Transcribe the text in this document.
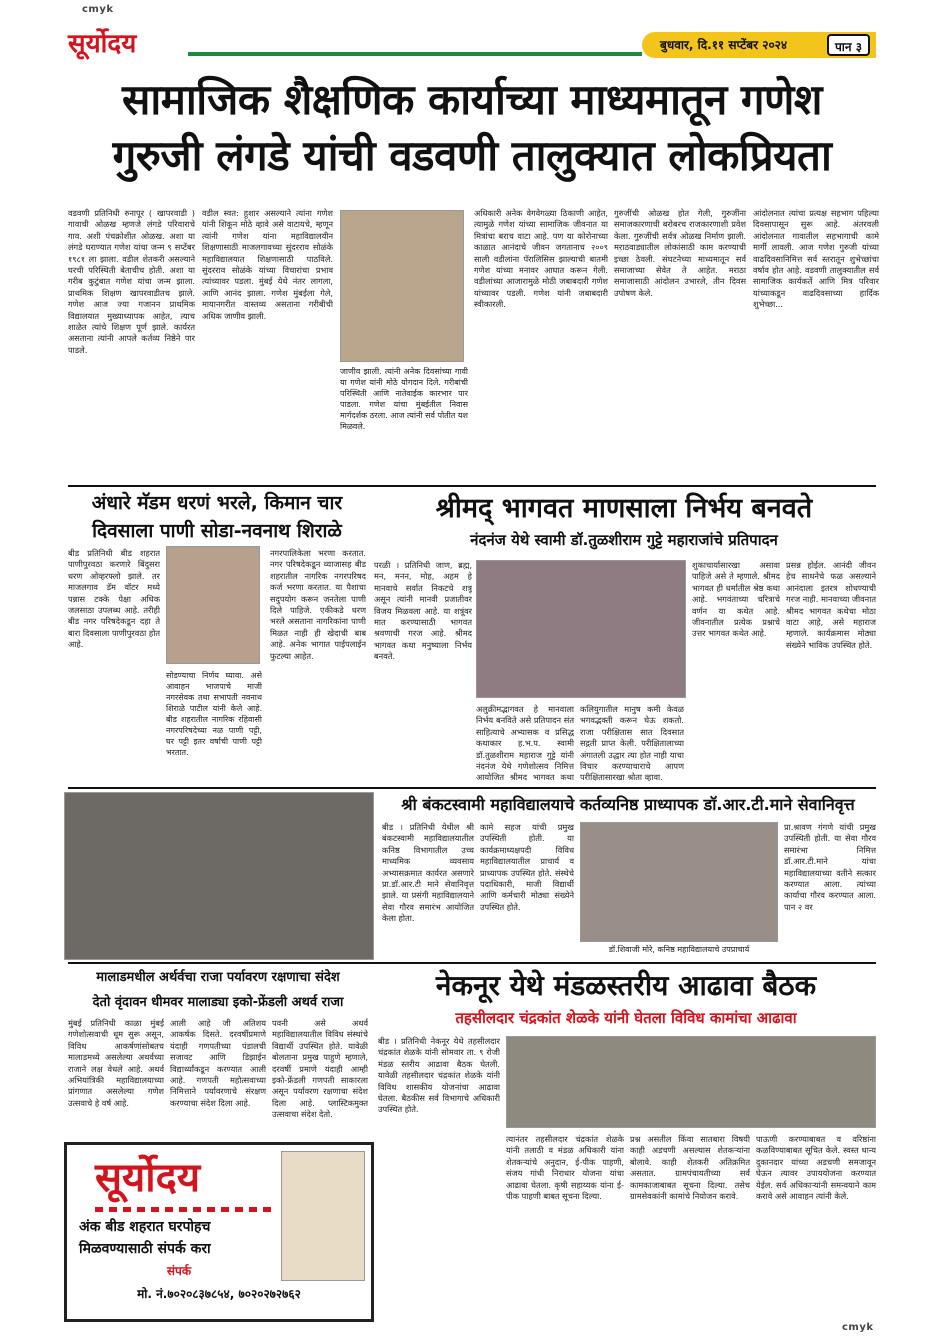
cmyk
cmyk
सूर्योदय	बुधवार, दि.११ सप्टेंबर २०२४	पान ३
सामाजिक शैक्षणिक कार्याच्या माध्यमातून गणेश
गुरुजी लंगडे यांची वडवणी तालुक्यात लोकप्रियता

वडवणी प्रतिनिधी रुनापूर ( खापरवाडी ) गावाची ओळख म्हणजे लंगडे परिवाराचे गाव. अशी पंचक्रोशीत ओळख. अशा या लंगडे घराण्यात गणेश यांचा जन्म ९ सप्टेंबर १९८१ ला झाला. वडील शेतकरी असल्याने घरची परिस्थिती बेताचीच होती. अशा या गरीब कुटुंबात गणेश यांचा जन्म झाला. प्राथमिक शिक्षण खापरवाडीतच झाले. गणेश आज ज्या गजानन प्राथमिक विद्यालयात मुख्याध्यापक आहेत, त्याच शाळेत त्यांचे शिक्षण पूर्ण झाले. कार्यरत असताना त्यांनी आपले कर्तव्य निष्ठेने पार पाडले.

वडील स्वत: हुशार असल्याने त्यांना गणेश यांनी शिकून मोठे व्हावे असे वाटायचे, म्हणून त्यांनी गणेश यांना महाविद्यालयीन शिक्षणासाठी माजलगावच्या सुंदरराव सोळंके महाविद्यालयात शिक्षणासाठी पाठविले. सुंदरराव सोळंके यांच्या विचारांचा प्रभाव त्यांच्यावर पडला. मुंबई येथे नंतर लागला, आणि आनंद झाला. गणेश मुंबईला गेले, मायानगरीत वास्तव्य असताना गरीबीची अधिक जाणीव झाली.

जाणीव झाली. त्यांनी अनेक दिवसांच्या गावी या गणेश यांनी मोठे योगदान दिले. गरीबांची परिस्थिती आणि नातेवाईक कारभार पार पाडला. गणेश यांचा मुंबईतील निवास मार्गदर्शक ठरला. आज त्यांनी सर्व पोतीत यश मिळवले.

अधिकारी अनेक वेगवेगळ्या ठिकाणी आहेत, त्यामुळे गणेश यांच्या सामाजिक जीवनात या मित्रांचा बराच वाटा आहे. पण या कोरोनाच्या काळात आनंदाचे जीवन जगतानाच २००९ साली वडीलांना पॅरालिसिस झाल्याची बातमी गणेश यांच्या मनावर आघात करून गेली. वडीलांच्या आजारामुळे मोठी जबाबदारी गणेश यांच्यावर पडली. गणेश यांनी जबाबदारी स्वीकारली.

गुरुजींची ओळख होत गेली, गुरुजींना समाजकारणाची बरोबरच राजकारणाशी प्रवेश केला. गुरुजींची सर्वत्र ओळख निर्माण झाली. मराठवाड्यातील लोकांसाठी काम करण्याची इच्छा ठेवली. संघटनेच्या माध्यमातून सर्व समाजाच्या सेवेत ते आहेत. मराठा समाजासाठी आंदोलन उभारले, तीन दिवस उपोषण केले.

आंदोलनात त्यांचा प्रत्यक्ष सहभाग पहिल्या दिवसापासून सुरू आहे. अंतरवली आंदोलनात गावातील सहभागाची कामे मार्गी लावली. आज गणेश गुरुजी यांच्या वाढदिवसानिमित्त सर्व स्तरातून शुभेच्छांचा वर्षाव होत आहे. वडवणी तालुक्यातील सर्व सामाजिक कार्यकर्ते आणि मित्र परिवार यांच्याकडून वाढदिवसाच्या हार्दिक शुभेच्छा...

अंधारे मॅडम धरणं भरले, किमान चार
दिवसाला पाणी सोडा-नवनाथ शिराळे

बीड प्रतिनिधी बीड शहरात पाणीपुरवठा करणारे बिंदुसरा धरण ओव्हरफ्लो झाले. तर माजलगाव डॅम वॉटर मध्ये पन्नास टक्के पेक्षा अधिक जलसाठा उपलब्ध आहे. तरीही बीड नगर परिषदेकडून दहा ते बारा दिवसाला पाणीपुरवठा होत आहे.

सोडण्याचा निर्णय घ्यावा. असे आवाहन भाजपाचे माजी नगरसेवक तथा सभापती नवनाथ शिराळे पाटील यांनी केले आहे. बीड शहरातील नागरिक रहिवासी नगरपरिषदेच्या नळ पाणी पट्टी, घर पट्टी इतर वर्षाची पाणी पट्टी भरतात.

नगरपालिकेला भरणा करतात. नगर परिषदेकडून व्याजासह बीड शहरातील नागरिक नगरपरिषद कर्ज भरणा करतात. या पैशाचा सदुपयोग करून जनतेला पाणी दिले पाहिजे. एकीकडे धरण भरले असताना नागरिकांना पाणी मिळत नाही ही खेदाची बाब आहे. अनेक भागात पाईपलाईन फुटल्या आहेत.

श्रीमद् भागवत माणसाला निर्भय बनवते
नंदनंज येथे स्वामी डॉ.तुळशीराम गुट्टे महाराजांचे प्रतिपादन

परळी । प्रतिनिधी जाण, ब्रह्म, मन, मनन, मोह, अहम हे मानवाचे सर्वात निकटचे शत्रू असून त्यांनी मानवी प्रजातीवर विजय मिळवला आहे. या शत्रूंवर मात करण्यासाठी भागवत श्रवणाची गरज आहे. श्रीमद भागवत कथा मनुष्याला निर्भय बनवते.

अलुक्रीमद्भागवत हे मानवाला निर्भय बनविते असे प्रतिपादन संत साहित्याचे अभ्यासक व प्रसिद्ध कथाकार ह.भ.प. स्वामी डॉ.तुळशीराम महाराज गुट्टे यांनी नंदनंज येथे गणेशोत्सव निमित्त आयोजित श्रीमद भागवत कथा

कलियुगातील मानुष कमी केवळ भगवद्भक्ती करून घेऊ शकतो. राजा परीक्षितास सात दिवसात सद्गती प्राप्त केली. परीक्षितालाच्या अंगातली उद्धार त्या होत नाही याचा विचार करण्याचाराचे आपण परीक्षितासारखा श्रोता व्हावा.

शुकाचार्यासारखा असावा पाहिजे असे ते म्हणाले. श्रीमद भागवत ही धर्मातील श्रेष्ठ कथा आहे. भगवंताच्या चरित्राचे वर्णन या कथेत आहे. जीवनातील प्रत्येक प्रश्नाचे उत्तर भागवत कथेत आहे.

प्रसन्न होईल. आनंदी जीवन हेच साधनेचे फळ असल्याने आनंदाला इतरत्र शोधण्याची गरज नाही. मानवाच्या जीवनात श्रीमद भागवत कथेचा मोठा वाटा आहे, असे महाराज म्हणाले. कार्यक्रमास मोठ्या संख्येने भाविक उपस्थित होते.

श्री बंकटस्वामी महाविद्यालयाचे कर्तव्यनिष्ठ प्राध्यापक डॉ.आर.टी.माने सेवानिवृत्त

बीड । प्रतिनिधी येथील श्री बंकटस्वामी महाविद्यालयातील कनिष्ठ विभागातील उच्च माध्यमिक व्यवसाय अभ्यासक्रमात कार्यरत असणारे प्रा.डॉ.आर.टी माने सेवानिवृत्त झाले. या प्रसंगी महाविद्यालयाने सेवा गौरव समारंभ आयोजित केला होता.

कामे सहज यांची प्रमुख उपस्थिती होती. या कार्यक्रमाध्यक्षपदी विविध महाविद्यालयातील प्राचार्य व प्राध्यापक उपस्थित होते. संस्थेचे पदाधिकारी, माजी विद्यार्थी आणि कर्मचारी मोठ्या संख्येने उपस्थित होते.

डॉ.शिवाजी मोरे, कनिष्ठ महाविद्यालयाचे उपप्राचार्य

प्रा.श्रावण गंगणे यांची प्रमुख उपस्थिती होती. या सेवा गौरव समारंभा निमित्त डॉ.आर.टी.माने यांचा महाविद्यालयाच्या वतीने सत्कार करण्यात आला. त्यांच्या कार्याचा गौरव करण्यात आला. पान २ वर

मालाडमधील अर्थर्वचा राजा पर्यावरण रक्षणाचा संदेश
देतो वृंदावन धीमवर मालाड्या इको-फ्रेंडली अथर्व राजा

मुंबई प्रतिनिधी काळा मुंबई गणेशोत्सवाची धूम सुरू असून, विविध आकर्षणांसोबतच मालाडमध्ये असलेल्या अथर्वच्या राजाने लक्ष वेधले आहे. अथर्व अभियांत्रिकी महाविद्यालयाच्या प्रांगणात असलेल्या गणेश उत्सवाचे हे वर्ष आहे.

आली आहे जी अतिशय आकर्षक दिसते. दरवर्षीप्रमाणे यंदाही गणपतीच्या पंडालची सजावट आणि डिझाईन विद्यार्थ्यांकडून करण्यात आली आहे. गणपती महोत्सवाच्या निमित्ताने पर्यावरणाचे संरक्षण करण्याचा संदेश दिला आहे.

पवनी असे अथर्व महाविद्यालयातील विविध संस्थांचे विद्यार्थी उपस्थित होते. यावेळी बोलताना प्रमुख पाहुणे म्हणाले, दरवर्षी प्रमाणे यंदाही आम्ही इको-फ्रेंडली गणपती साकारला असून पर्यावरण रक्षणाचा संदेश दिला आहे. प्लास्टिकमुक्त उत्सवाचा संदेश देतो.

नेकनूर येथे मंडळस्तरीय आढावा बैठक
तहसीलदार चंद्रकांत शेळके यांनी घेतला विविध कामांचा आढावा

बीड । प्रतिनिधी नेकनूर येथे तहसीलदार चंद्रकांत शेळके यांनी सोमवार ता. ९ रोजी मंडळ स्तरीय आढावा बैठक घेतली. यावेळी तहसीलदार चंद्रकांत शेळके यांनी विविध शासकीय योजनांचा आढावा घेतला. बैठकीस सर्व विभागाचे अधिकारी उपस्थित होते.

त्यानंतर तहसीलदार चंद्रकांत शेळके यांनी तलाठी व मंडळ अधिकारी यांना शेतकऱ्यांचे अनुदान, ई-पीक पाहणी, संजय गांधी निराधार योजना यांचा आढावा घेतला. कृषी सहाय्यक यांना ई-पीक पाहणी बाबत सूचना दिल्या.

प्रश्न असतील किंवा सातबारा विषयी काही अडचणी असल्यास शेतकऱ्यांना बोलावे. काही शेतकरी अतिक्रमित असतात. ग्रामपंचायतीच्या सर्व कामकाजाबाबत सूचना दिल्या. तसेच ग्रामसेवकांनी कामांचे नियोजन करावे.

पाऊणी करण्याबाबत व वरिष्ठांना कळविण्याबाबत सूचित केले. स्वस्त धान्य दुकानदार यांच्या अडचणी समजावून घेऊन त्यावर उपाययोजना करण्यात येईल. सर्व अधिकाऱ्यांनी समन्वयाने काम करावे असे आवाहन त्यांनी केले.

सूर्योदय
अंक बीड शहरात घरपोहच
मिळवण्यासाठी संपर्क करा
संपर्क
मो. नं.७०२०८३७८५४, ७०२०२७२७६२
